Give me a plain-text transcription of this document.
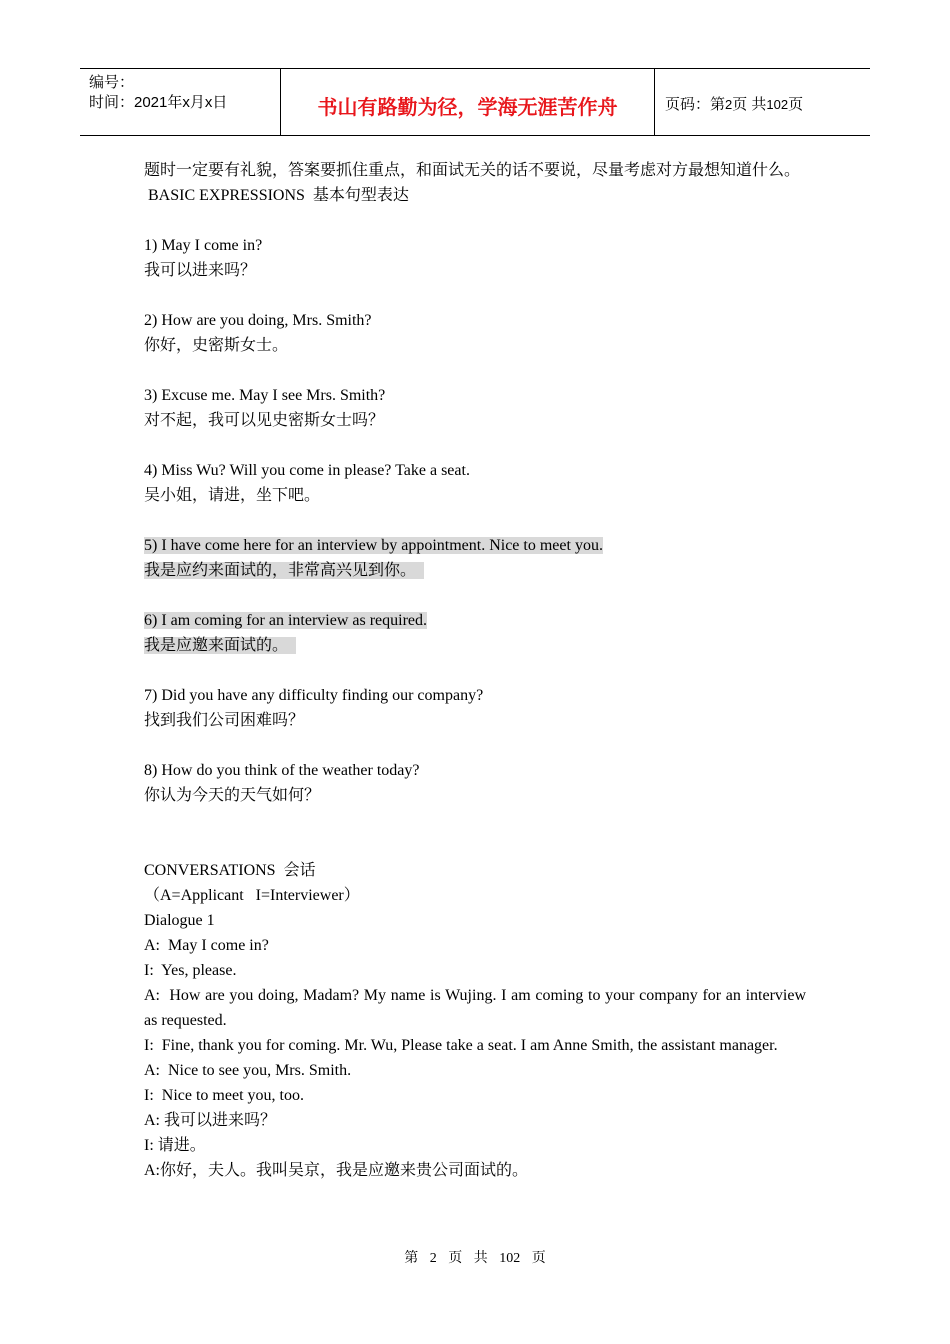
编号：
时间：2021年x月x日	书山有路勤为径，学海无涯苦作舟	页码：第2页 共102页
题时一定要有礼貌，答案要抓住重点，和面试无关的话不要说，尽量考虑对方最想知道什么。
BASIC EXPRESSIONS  基本句型表达
1) May I come in?
我可以进来吗？
2) How are you doing, Mrs. Smith?
你好，史密斯女士。
3) Excuse me. May I see Mrs. Smith?
对不起，我可以见史密斯女士吗？
4) Miss Wu? Will you come in please? Take a seat.
吴小姐，请进，坐下吧。
5) I have come here for an interview by appointment. Nice to meet you.
我是应约来面试的，非常高兴见到你。
6) I am coming for an interview as required.
我是应邀来面试的。
7) Did you have any difficulty finding our company?
找到我们公司困难吗？
8) How do you think of the weather today?
你认为今天的天气如何？
CONVERSATIONS  会话
（A=Applicant   I=Interviewer）
Dialogue 1
A:  May I come in?
I:  Yes, please.
A:  How are you doing, Madam? My name is Wujing. I am coming to your company for an interview as requested.
I:  Fine, thank you for coming. Mr. Wu, Please take a seat. I am Anne Smith, the assistant manager.
A:  Nice to see you, Mrs. Smith.
I:  Nice to meet you, too.
A: 我可以进来吗？
I: 请进。
A:你好，夫人。我叫吴京，我是应邀来贵公司面试的。
第 2 页 共 102 页
